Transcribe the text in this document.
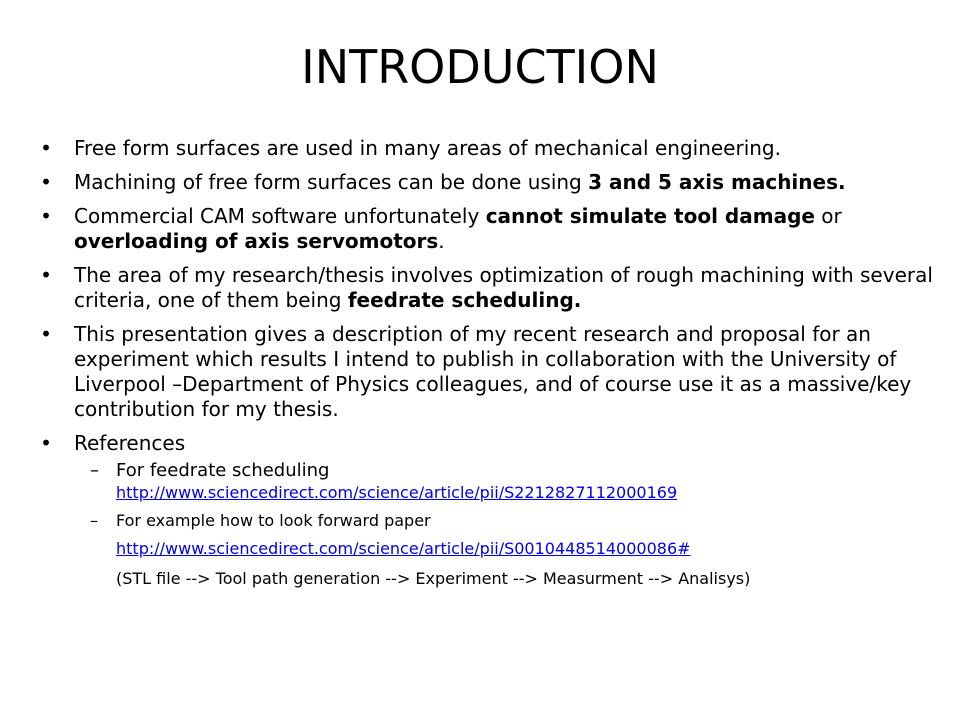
INTRODUCTION
• Free form surfaces are used in many areas of mechanical engineering.
• Machining of free form surfaces can be done using 3 and 5 axis machines.
• Commercial CAM software unfortunately cannot simulate tool damage or overloading of axis servomotors.
• The area of my research/thesis involves optimization of rough machining with several criteria, one of them being feedrate scheduling.
• This presentation gives a description of my recent research and proposal for an experiment which results I intend to publish in collaboration with the University of Liverpool –Department of Physics colleagues, and of course use it as a massive/key contribution for my thesis.
• References
– For feedrate scheduling
http://www.sciencedirect.com/science/article/pii/S2212827112000169
– For example how to look forward paper
http://www.sciencedirect.com/science/article/pii/S0010448514000086#
(STL file --> Tool path generation --> Experiment --> Measurment --> Analisys)
